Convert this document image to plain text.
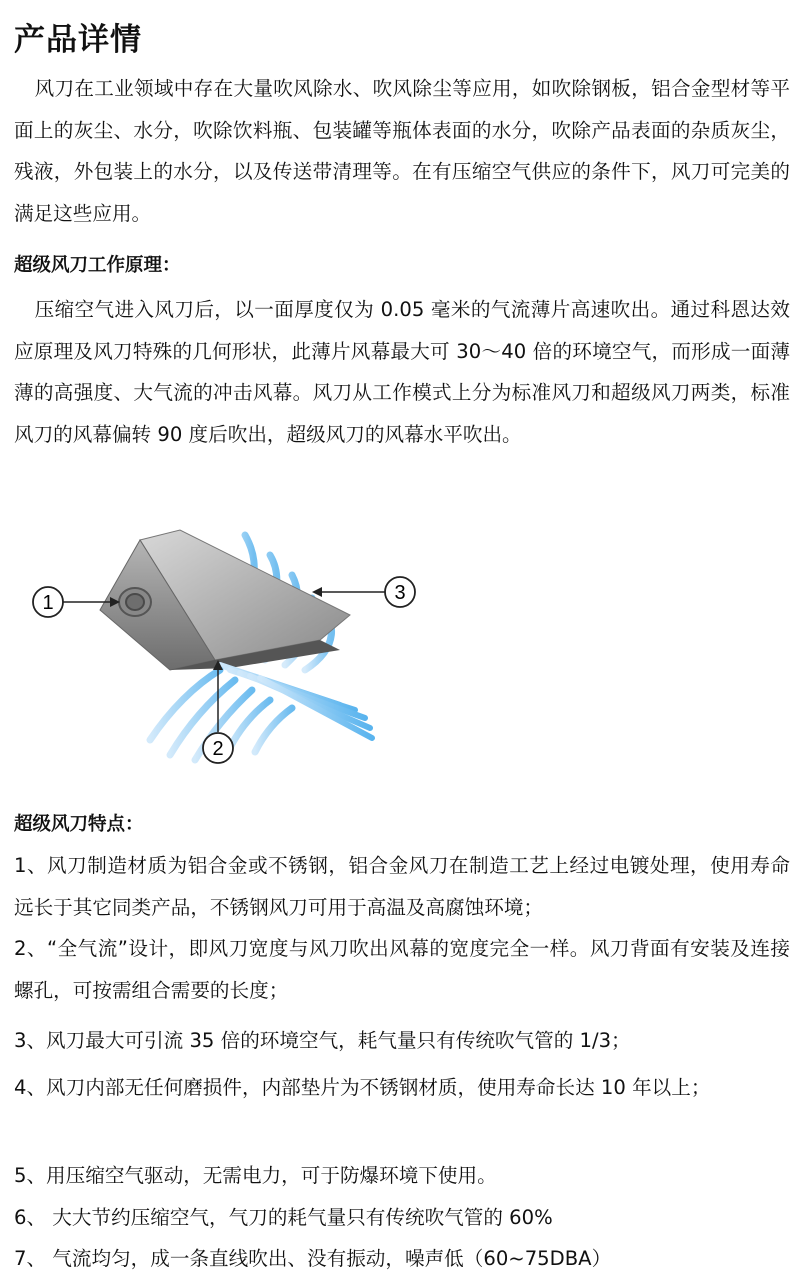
产品详情

风刀在工业领域中存在大量吹风除水、吹风除尘等应用，如吹除钢板，铝合金型材等平面上的灰尘、水分，吹除饮料瓶、包装罐等瓶体表面的水分，吹除产品表面的杂质灰尘，残液，外包装上的水分，以及传送带清理等。在有压缩空气供应的条件下，风刀可完美的满足这些应用。

超级风刀工作原理：

压缩空气进入风刀后，以一面厚度仅为 0.05 毫米的气流薄片高速吹出。通过科恩达效应原理及风刀特殊的几何形状，此薄片风幕最大可 30～40 倍的环境空气，而形成一面薄薄的高强度、大气流的冲击风幕。风刀从工作模式上分为标准风刀和超级风刀两类，标准风刀的风幕偏转 90 度后吹出，超级风刀的风幕水平吹出。

1
2
3
超级风刀特点：

1、风刀制造材质为铝合金或不锈钢，铝合金风刀在制造工艺上经过电镀处理，使用寿命远长于其它同类产品，不锈钢风刀可用于高温及高腐蚀环境；

2、“全气流”设计，即风刀宽度与风刀吹出风幕的宽度完全一样。风刀背面有安装及连接螺孔，可按需组合需要的长度；

3、风刀最大可引流 35 倍的环境空气，耗气量只有传统吹气管的 1/3；

4、风刀内部无任何磨损件，内部垫片为不锈钢材质，使用寿命长达 10 年以上；

5、用压缩空气驱动，无需电力，可于防爆环境下使用。

6、 大大节约压缩空气，气刀的耗气量只有传统吹气管的 60%

7、 气流均匀，成一条直线吹出、没有振动，噪声低（60~75DBA）
